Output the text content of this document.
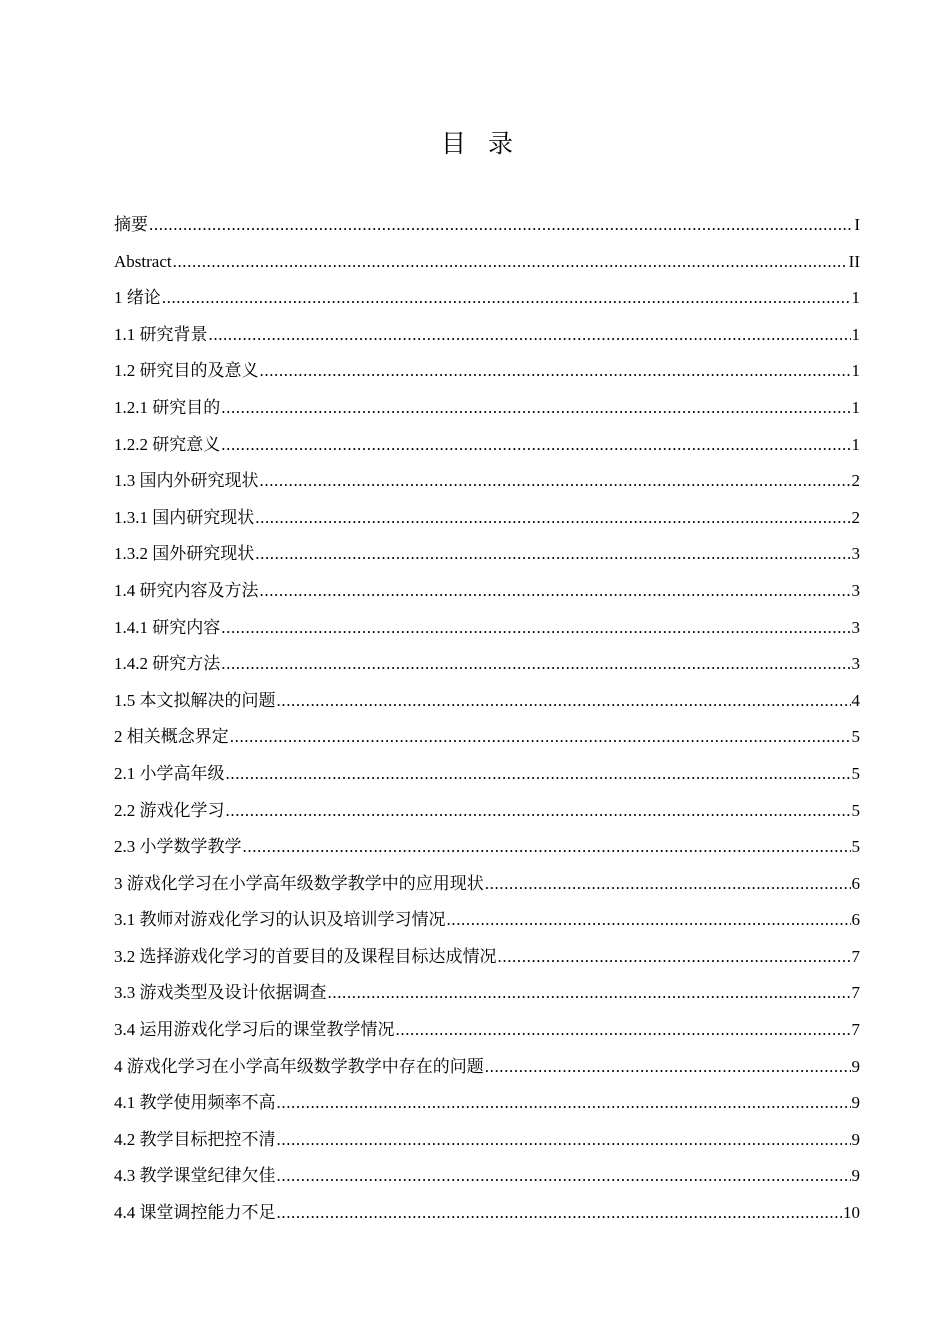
目录
摘要 .....	I
Abstract .....	II
1 绪论 .....	1
1.1 研究背景 .....	1
1.2 研究目的及意义 .....	1
1.2.1 研究目的 .....	1
1.2.2 研究意义 .....	1
1.3 国内外研究现状 .....	2
1.3.1 国内研究现状 .....	2
1.3.2 国外研究现状 .....	3
1.4 研究内容及方法 .....	3
1.4.1 研究内容 .....	3
1.4.2 研究方法 .....	3
1.5 本文拟解决的问题 .....	4
2 相关概念界定 .....	5
2.1 小学高年级 .....	5
2.2 游戏化学习 .....	5
2.3 小学数学教学 .....	5
3 游戏化学习在小学高年级数学教学中的应用现状 .....	6
3.1 教师对游戏化学习的认识及培训学习情况 .....	6
3.2 选择游戏化学习的首要目的及课程目标达成情况 .....	7
3.3 游戏类型及设计依据调查 .....	7
3.4 运用游戏化学习后的课堂教学情况 .....	7
4 游戏化学习在小学高年级数学教学中存在的问题 .....	9
4.1 教学使用频率不高 .....	9
4.2 教学目标把控不清 .....	9
4.3 教学课堂纪律欠佳 .....	9
4.4 课堂调控能力不足 .....	10
